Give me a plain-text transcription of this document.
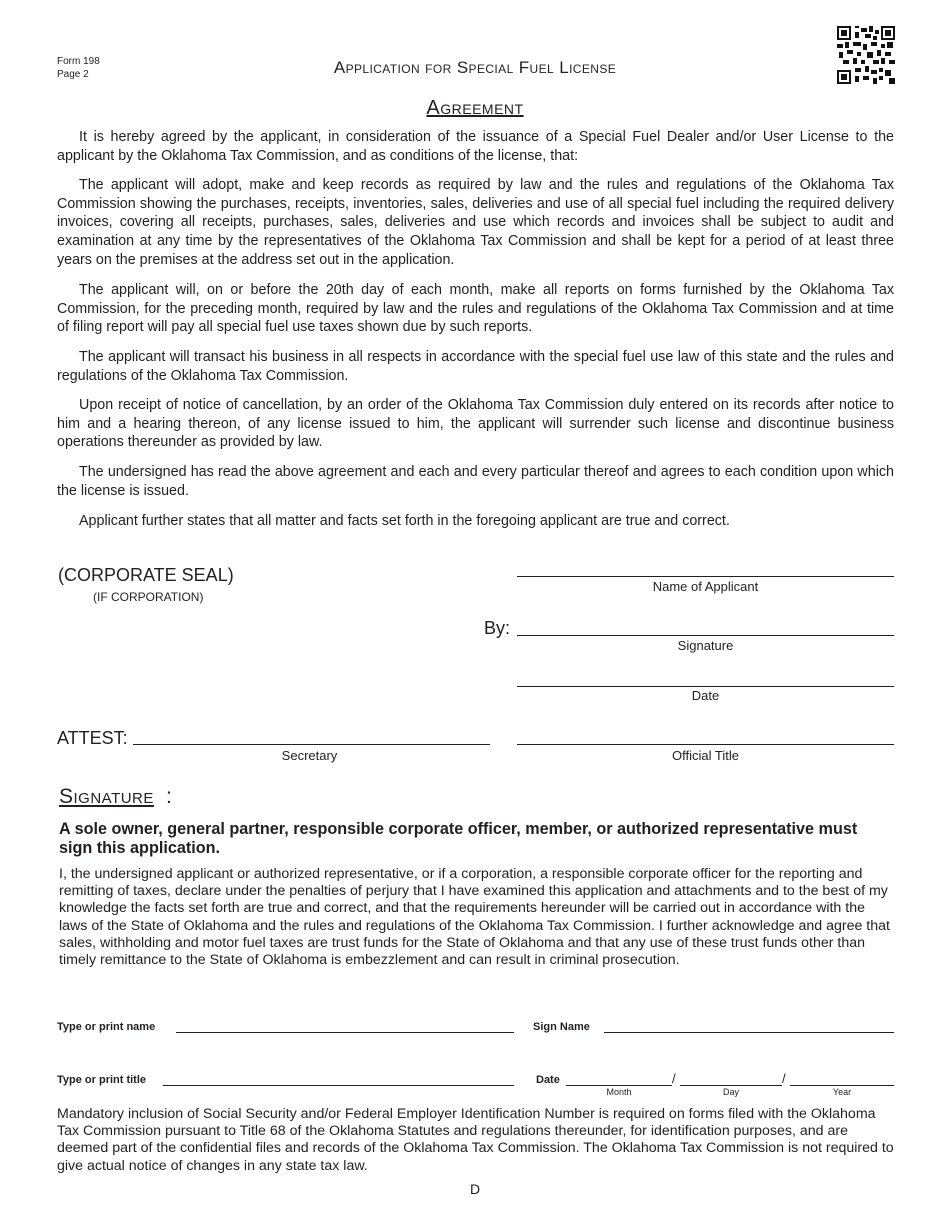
Form 198
Page 2	Application for Special Fuel License
Agreement
It is hereby agreed by the applicant, in consideration of the issuance of a Special Fuel Dealer and/or User License to the applicant by the Oklahoma Tax Commission, and as conditions of the license, that:
The applicant will adopt, make and keep records as required by law and the rules and regulations of the Oklahoma Tax Commission showing the purchases, receipts, inventories, sales, deliveries and use of all special fuel including the required delivery invoices, covering all receipts, purchases, sales, deliveries and use which records and invoices shall be subject to audit and examination at any time by the representatives of the Oklahoma Tax Commission and shall be kept for a period of at least three years on the premises at the address set out in the application.
The applicant will, on or before the 20th day of each month, make all reports on forms furnished by the Oklahoma Tax Commission, for the preceding month, required by law and the rules and regulations of the Oklahoma Tax Commission and at time of filing report will pay all special fuel use taxes shown due by such reports.
The applicant will transact his business in all respects in accordance with the special fuel use law of this state and the rules and regulations of the Oklahoma Tax Commission.
Upon receipt of notice of cancellation, by an order of the Oklahoma Tax Commission duly entered on its records after notice to him and a hearing thereon, of any license issued to him, the applicant will surrender such license and discontinue business operations thereunder as provided by law.
The undersigned has read the above agreement and each and every particular thereof and agrees to each condition upon which the license is issued.
Applicant further states that all matter and facts set forth in the foregoing applicant are true and correct.
(CORPORATE SEAL)
(IF CORPORATION)
Name of Applicant
By:
Signature
Date
ATTEST:
Secretary	Official Title
Signature :
A sole owner, general partner, responsible corporate officer, member, or authorized representative must sign this application.
I, the undersigned applicant or authorized representative, or if a corporation, a responsible corporate officer for the reporting and remitting of taxes, declare under the penalties of perjury that I have examined this application and attachments and to the best of my knowledge the facts set forth are true and correct, and that the requirements hereunder will be carried out in accordance with the laws of the State of Oklahoma and the rules and regulations of the Oklahoma Tax Commission. I further acknowledge and agree that sales, withholding and motor fuel taxes are trust funds for the State of Oklahoma and that any use of these trust funds other than timely remittance to the State of Oklahoma is embezzlement and can result in criminal prosecution.
Type or print name	Sign Name
Type or print title	Date
Month
/
Day
/
Year
Mandatory inclusion of Social Security and/or Federal Employer Identification Number is required on forms filed with the Oklahoma Tax Commission pursuant to Title 68 of the Oklahoma Statutes and regulations thereunder, for identification purposes, and are deemed part of the confidential files and records of the Oklahoma Tax Commission. The Oklahoma Tax Commission is not required to give actual notice of changes in any state tax law.
D
